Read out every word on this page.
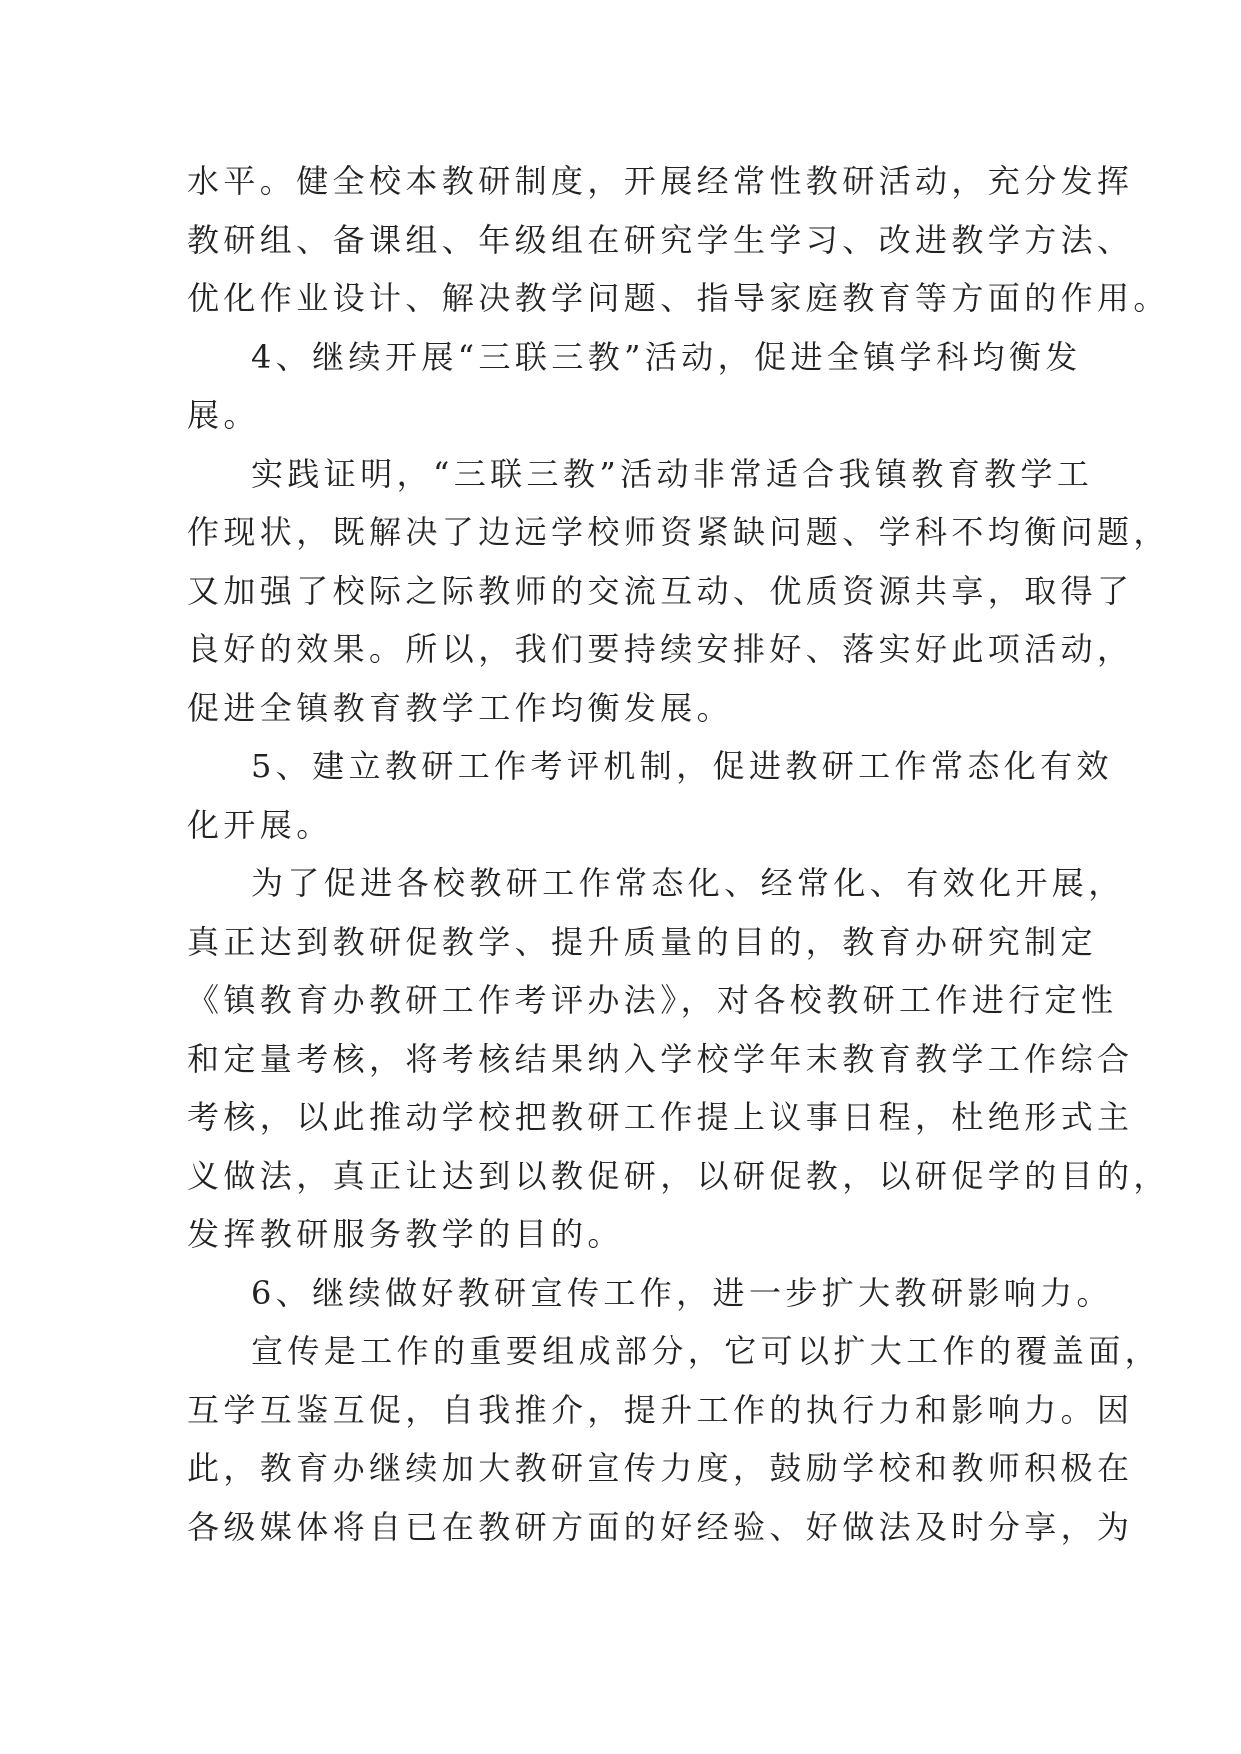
水平。健全校本教研制度，开展经常性教研活动，充分发挥
教研组、备课组、年级组在研究学生学习、改进教学方法、
优化作业设计、解决教学问题、指导家庭教育等方面的作用。
4、继续开展“三联三教”活动，促进全镇学科均衡发
展。
实践证明，“三联三教”活动非常适合我镇教育教学工
作现状，既解决了边远学校师资紧缺问题、学科不均衡问题，
又加强了校际之际教师的交流互动、优质资源共享，取得了
良好的效果。所以，我们要持续安排好、落实好此项活动，
促进全镇教育教学工作均衡发展。
5、建立教研工作考评机制，促进教研工作常态化有效
化开展。
为了促进各校教研工作常态化、经常化、有效化开展，
真正达到教研促教学、提升质量的目的，教育办研究制定
《镇教育办教研工作考评办法》，对各校教研工作进行定性
和定量考核，将考核结果纳入学校学年末教育教学工作综合
考核，以此推动学校把教研工作提上议事日程，杜绝形式主
义做法，真正让达到以教促研，以研促教，以研促学的目的，
发挥教研服务教学的目的。
6、继续做好教研宣传工作，进一步扩大教研影响力。
宣传是工作的重要组成部分，它可以扩大工作的覆盖面，
互学互鉴互促，自我推介，提升工作的执行力和影响力。因
此，教育办继续加大教研宣传力度，鼓励学校和教师积极在
各级媒体将自已在教研方面的好经验、好做法及时分享，为
